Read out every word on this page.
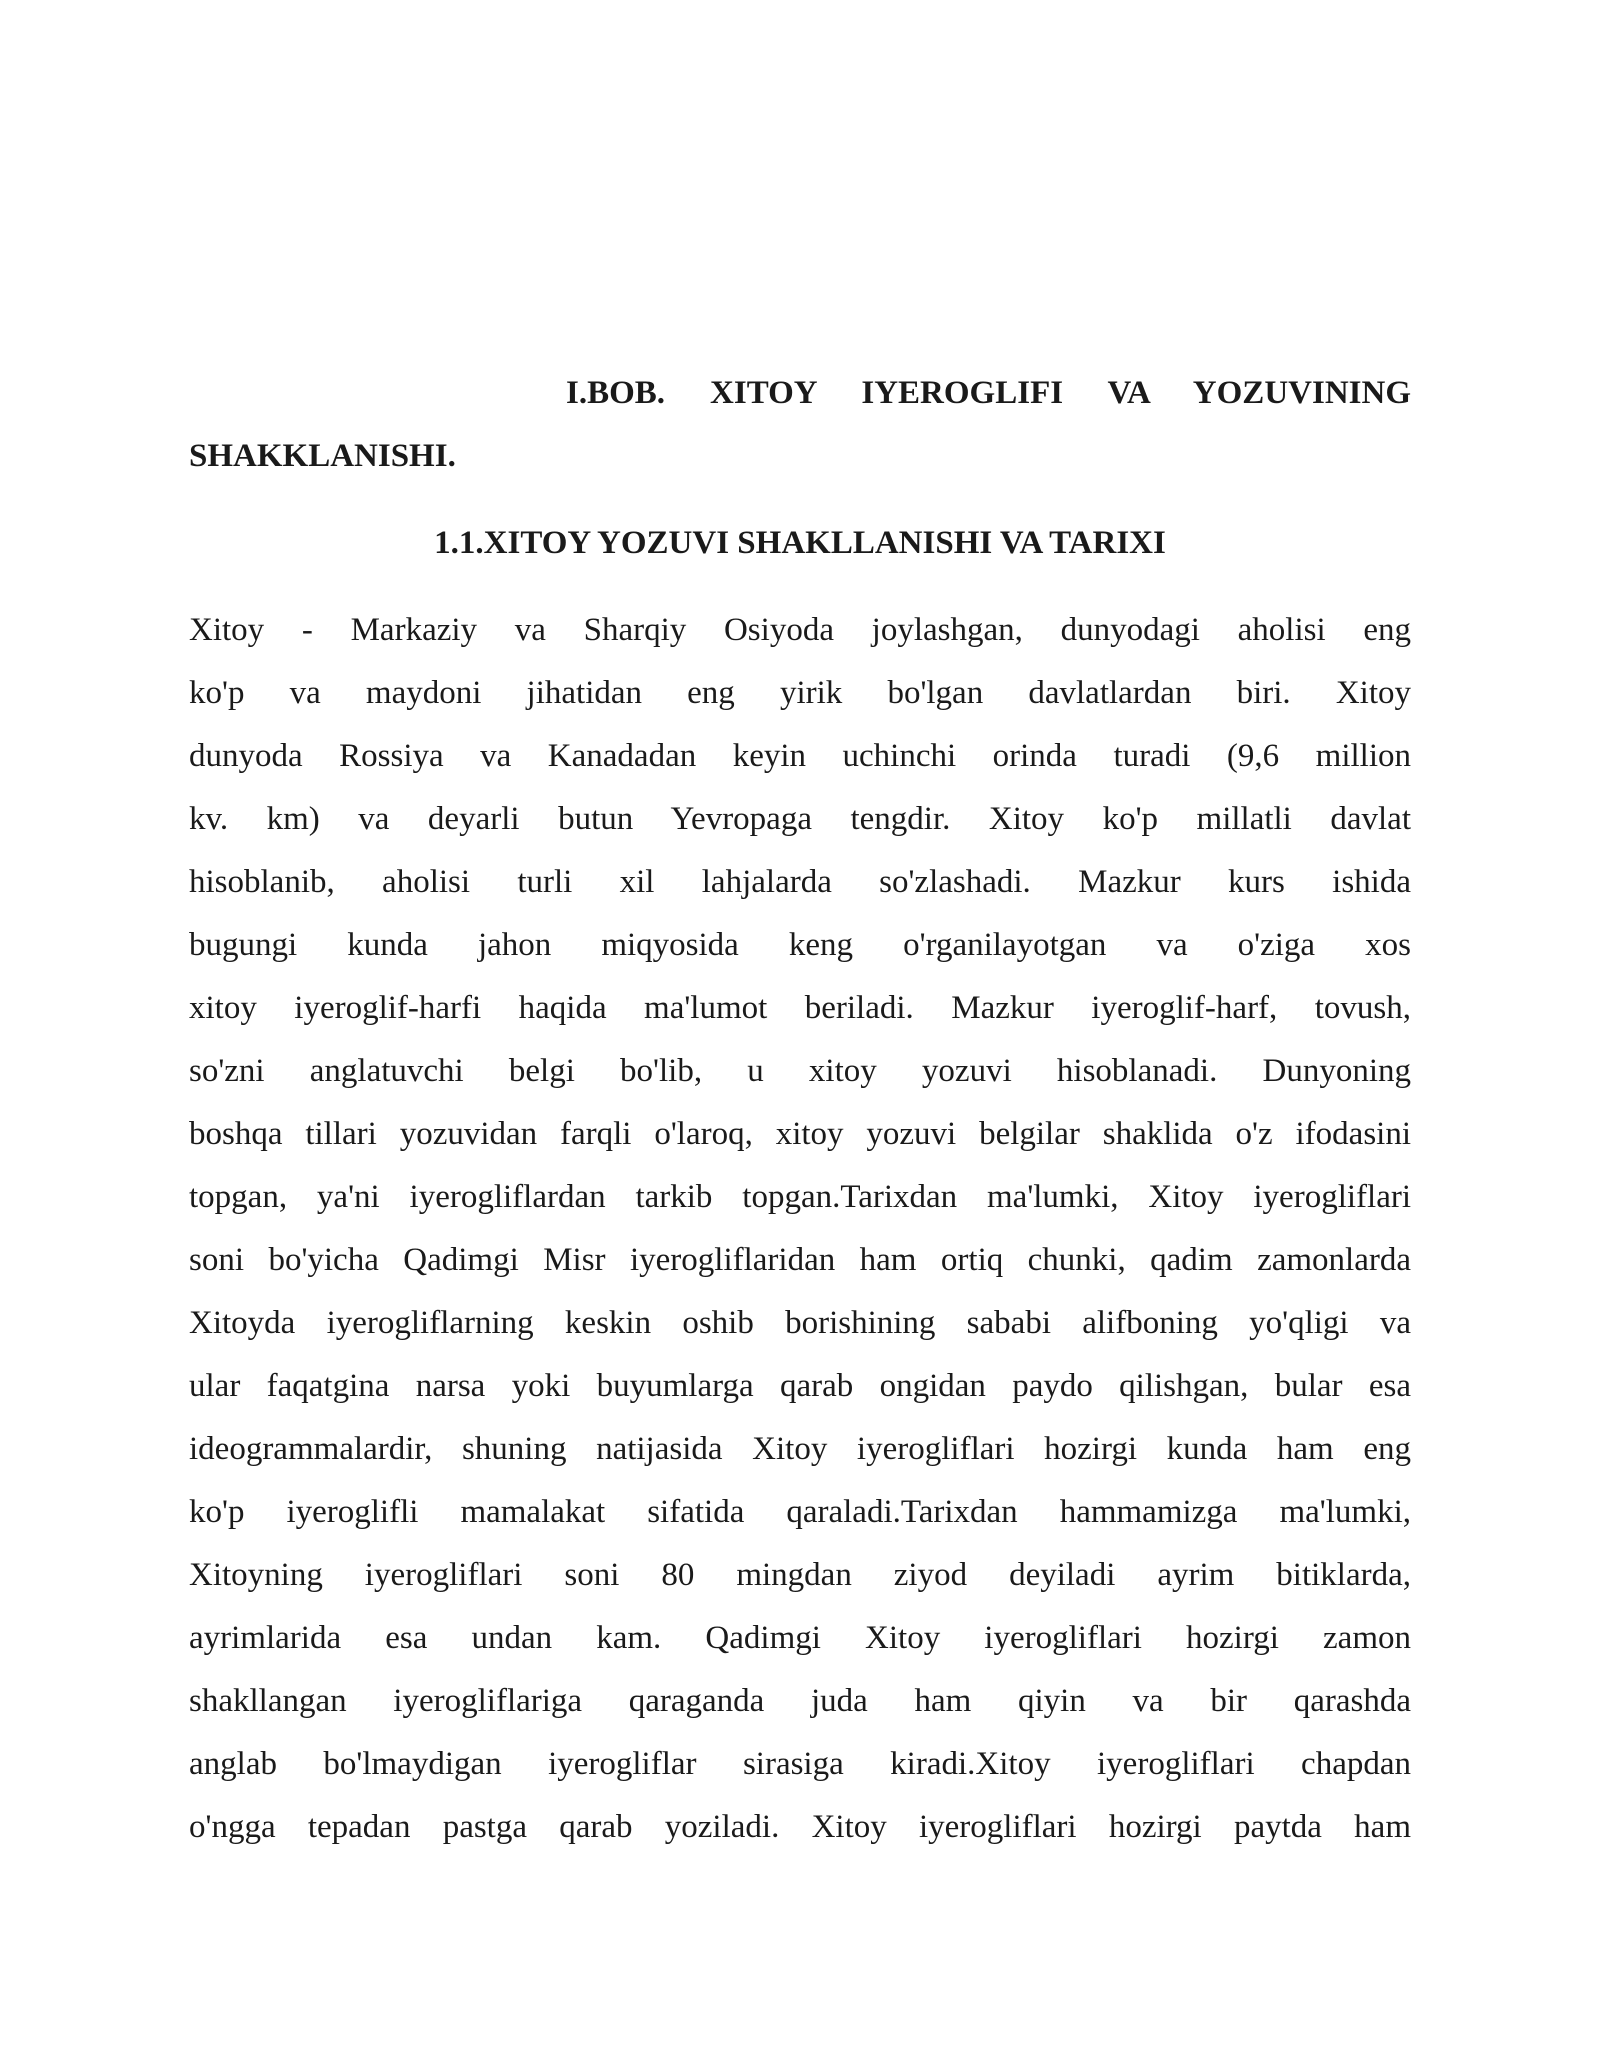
I.BOB. XITOY IYEROGLIFI VA YOZUVINING SHAKKLANISHI.

1.1.XITOY YOZUVI SHAKLLANISHI VA TARIXI

Xitoy - Markaziy va Sharqiy Osiyoda joylashgan, dunyodagi aholisi eng
ko'p va maydoni jihatidan eng yirik bo'lgan davlatlardan biri. Xitoy
dunyoda Rossiya va Kanadadan keyin uchinchi orinda turadi (9,6 million
kv. km) va deyarli butun Yevropaga tengdir. Xitoy ko'p millatli davlat
hisoblanib, aholisi turli xil lahjalarda so'zlashadi. Mazkur kurs ishida
bugungi kunda jahon miqyosida keng o'rganilayotgan va o'ziga xos
xitoy iyeroglif-harfi haqida ma'lumot beriladi. Mazkur iyeroglif-harf, tovush,
so'zni anglatuvchi belgi bo'lib, u xitoy yozuvi hisoblanadi. Dunyoning
boshqa tillari yozuvidan farqli o'laroq, xitoy yozuvi belgilar shaklida o'z ifodasini
topgan, ya'ni iyerogliflardan tarkib topgan.Tarixdan ma'lumki, Xitoy iyerogliflari
soni bo'yicha Qadimgi Misr iyerogliflaridan ham ortiq chunki, qadim zamonlarda
Xitoyda iyerogliflarning keskin oshib borishining sababi alifboning yo'qligi va
ular faqatgina narsa yoki buyumlarga qarab ongidan paydo qilishgan, bular esa
ideogrammalardir, shuning natijasida Xitoy iyerogliflari hozirgi kunda ham eng
ko'p iyeroglifli mamalakat sifatida qaraladi.Tarixdan hammamizga ma'lumki,
Xitoyning iyerogliflari soni 80 mingdan ziyod deyiladi ayrim bitiklarda,
ayrimlarida esa undan kam. Qadimgi Xitoy iyerogliflari hozirgi zamon
shakllangan iyerogliflariga qaraganda juda ham qiyin va bir qarashda
anglab bo'lmaydigan iyerogliflar sirasiga kiradi.Xitoy iyerogliflari chapdan
o'ngga tepadan pastga qarab yoziladi. Xitoy iyerogliflari hozirgi paytda ham
